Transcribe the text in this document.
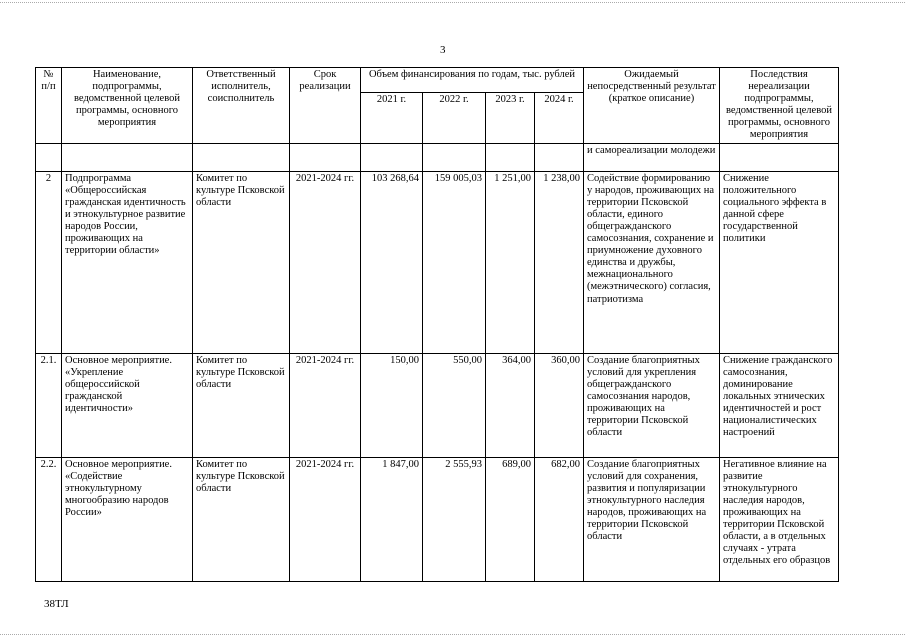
3
№ п/п	Наименование, подпрограммы, ведомственной целевой программы, основного мероприятия	Ответственный исполнитель, соисполнитель	Срок реализации	Объем финансирования по годам, тыс. рублей				Ожидаемый непосредственный результат (краткое описание)	Последствия нереализации подпрограммы, ведомственной целевой программы, основного мероприятия
				2021 г.	2022 г.	2023 г.	2024 г.		
								и самореализации молодежи	
2	Подпрограмма «Общероссийская гражданская идентичность и этнокультурное развитие народов России, проживающих на территории области»	Комитет по культуре Псковской области	2021-2024 гг.	103 268,64	159 005,03	1 251,00	1 238,00	Содействие формированию у народов, проживающих на территории Псковской области, единого общегражданского самосознания, сохранение и приумножение духовного единства и дружбы, межнационального (межэтнического) согласия, патриотизма	Снижение положительного социального эффекта в данной сфере государственной политики
2.1.	Основное мероприятие. «Укрепление общероссийской гражданской идентичности»	Комитет по культуре Псковской области	2021-2024 гг.	150,00	550,00	364,00	360,00	Создание благоприятных условий для укрепления общегражданского самосознания народов, проживающих на территории Псковской области	Снижение гражданского самосознания, доминирование локальных этнических идентичностей и рост националистических настроений
2.2.	Основное мероприятие. «Содействие этнокультурному многообразию народов России»	Комитет по культуре Псковской области	2021-2024 гг.	1 847,00	2 555,93	689,00	682,00	Создание благоприятных условий для сохранения, развития и популяризации этнокультурного наследия народов, проживающих на территории Псковской области	Негативное влияние на развитие этнокультурного наследия народов, проживающих на территории Псковской области, а в отдельных случаях - утрата отдельных его образцов
38ТЛ
